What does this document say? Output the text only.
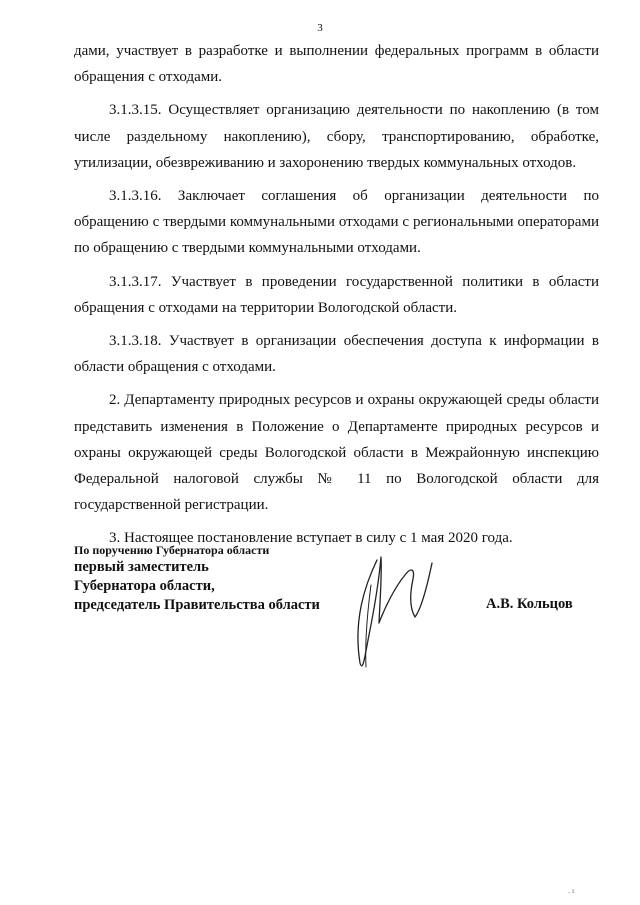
3

дами, участвует в разработке и выполнении федеральных программ в области обращения с отходами.

3.1.3.15. Осуществляет организацию деятельности по накоплению (в том числе раздельному накоплению), сбору, транспортированию, обработке, утилизации, обезвреживанию и захоронению твердых коммунальных отходов.

3.1.3.16. Заключает соглашения об организации деятельности по обращению с твердыми коммунальными отходами с региональными операторами по обращению с твердыми коммунальными отходами.

3.1.3.17. Участвует в проведении государственной политики в области обращения с отходами на территории Вологодской области.

3.1.3.18. Участвует в организации обеспечения доступа к информации в области обращения с отходами.

2. Департаменту природных ресурсов и охраны окружающей среды области представить изменения в Положение о Департаменте природных ресурсов и охраны окружающей среды Вологодской области в Межрайонную инспекцию Федеральной налоговой службы № 11 по Вологодской области для государственной регистрации.

3. Настоящее постановление вступает в силу с 1 мая 2020 года.

По поручению Губернатора области
первый заместитель
Губернатора области,
председатель Правительства области	А.В. Кольцов
. ı
